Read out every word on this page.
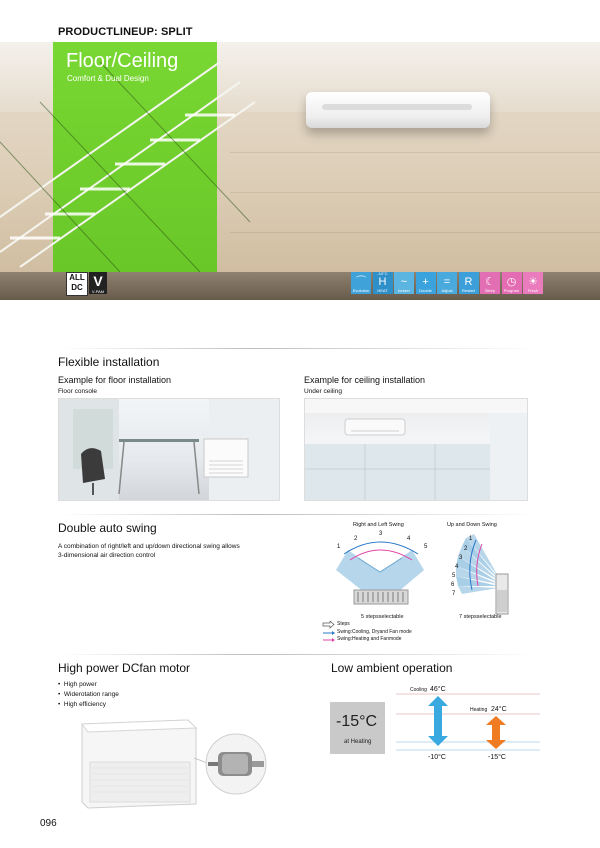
PRODUCTLINEUP: SPLIT
Floor/Ceiling
Comfort & Dual Design
ALL
DC V
V-PAM
⌒
Evolution
-10°C
H
HEAT
~
Ionizer
+
Double
=
Adjust
R
Restart
☾
Sleep
◷
Program
☀
Fresh
Flexible installation
Example for floor installation
Floor console
Example for ceiling installation
Under ceiling
Double auto swing
A combination of right/left and up/down directional swing allows
3-dimensional air direction control
Right and Left Swing	Up and Down Swing
1
2
3
4
5
1
2
3
4
5
6
7
5 stepsselectable	7 stepsselectable
Steps
Swing:Cooling, Dryand Fan mode
Swing:Heating and Fanmode
High power DCfan motor
•  High power
•  Widerotation range
•  High efficiency
Low ambient operation
-15°C
at Heating
Cooling 46°C
Heating 24°C
-10°C	-15°C
096
